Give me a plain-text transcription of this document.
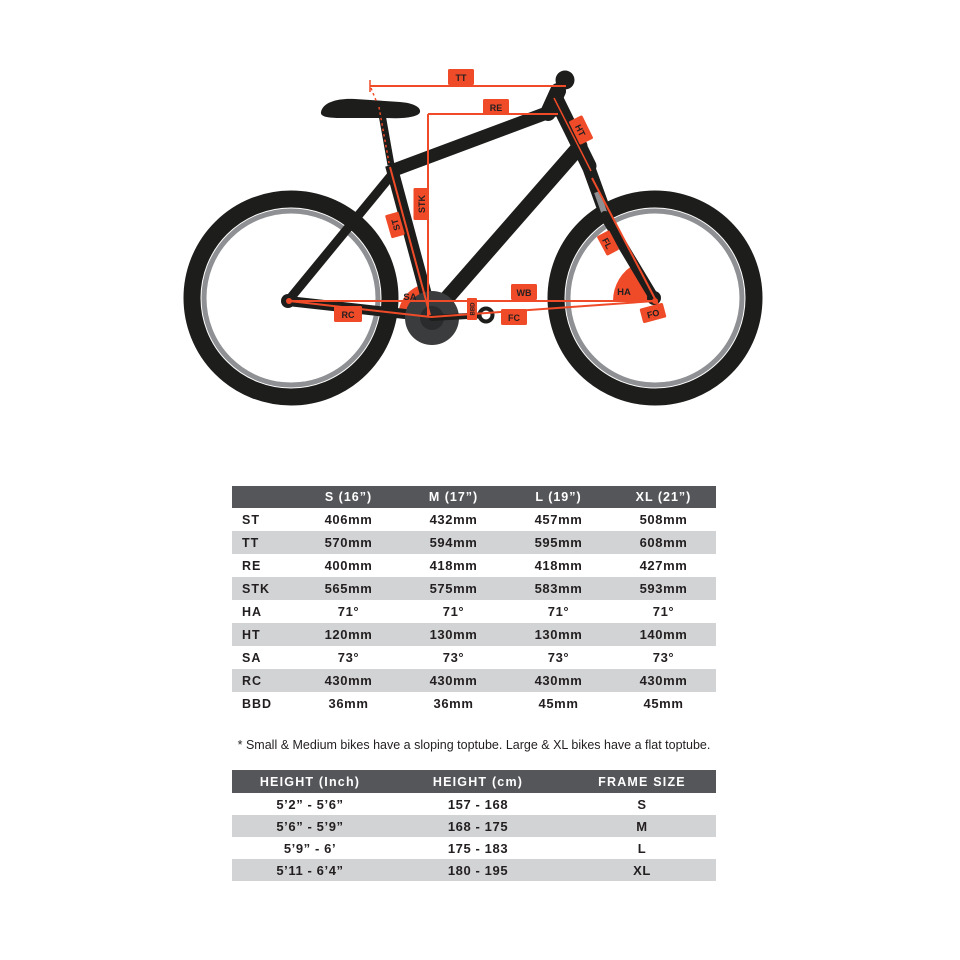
SA	HA
TT
RE
HT
STK
ST
FL
WB
RC	FC	FO
BBD
S (16”)	M (17”)	L (19”)	XL (21”)
ST	406mm	432mm	457mm	508mm
TT	570mm	594mm	595mm	608mm
RE	400mm	418mm	418mm	427mm
STK	565mm	575mm	583mm	593mm
HA	71°	71°	71°	71°
HT	120mm	130mm	130mm	140mm
SA	73°	73°	73°	73°
RC	430mm	430mm	430mm	430mm
BBD	36mm	36mm	45mm	45mm
* Small & Medium bikes have a sloping toptube. Large & XL bikes have a flat toptube.
HEIGHT (Inch)	HEIGHT (cm)	FRAME SIZE
5’2” - 5’6”	157 - 168	S
5’6” - 5’9”	168 - 175	M
5’9” - 6’	175 - 183	L
5’11 - 6’4”	180 - 195	XL
